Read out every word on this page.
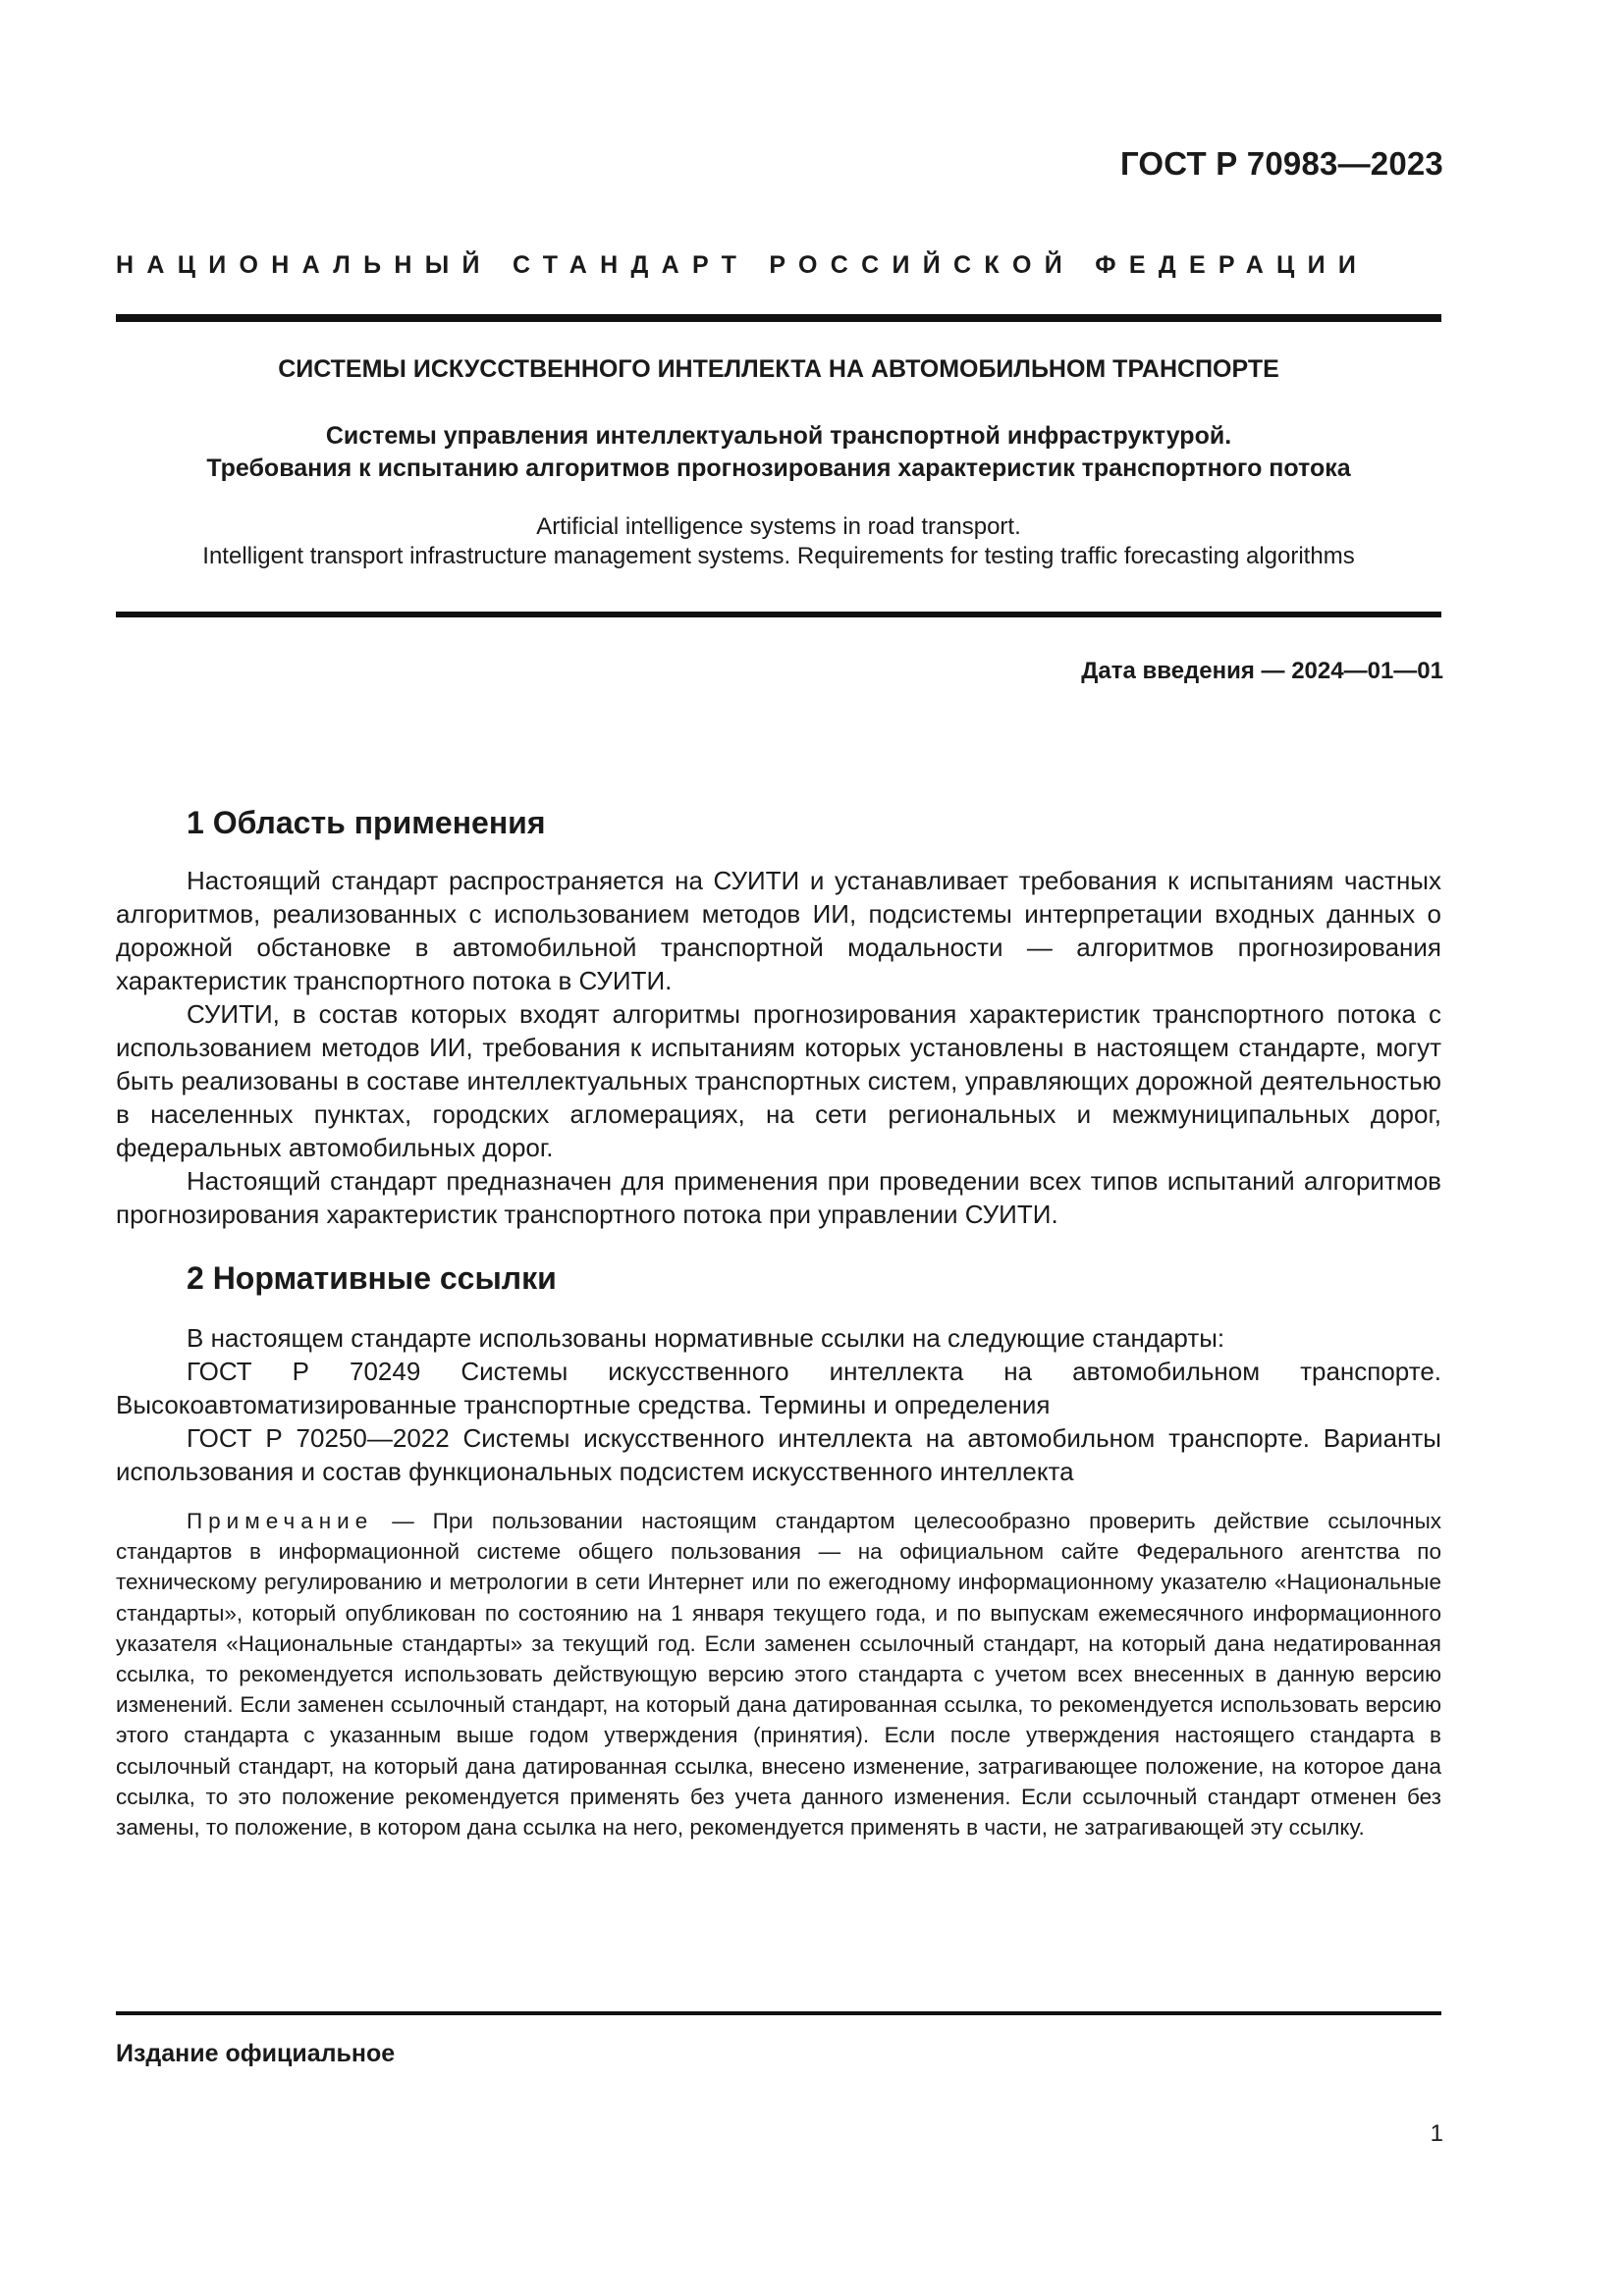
ГОСТ Р 70983—2023
НАЦИОНАЛЬНЫЙ СТАНДАРТ РОССИЙСКОЙ ФЕДЕРАЦИИ
СИСТЕМЫ ИСКУССТВЕННОГО ИНТЕЛЛЕКТА НА АВТОМОБИЛЬНОМ ТРАНСПОРТЕ
Системы управления интеллектуальной транспортной инфраструктурой.
Требования к испытанию алгоритмов прогнозирования характеристик транспортного потока
Artificial intelligence systems in road transport.
Intelligent transport infrastructure management systems. Requirements for testing traffic forecasting algorithms
Дата введения — 2024—01—01
1 Область применения

Настоящий стандарт распространяется на СУИТИ и устанавливает требования к испытаниям частных алгоритмов, реализованных с использованием методов ИИ, подсистемы интерпретации входных данных о дорожной обстановке в автомобильной транспортной модальности — алгоритмов прогнозирования характеристик транспортного потока в СУИТИ.

СУИТИ, в состав которых входят алгоритмы прогнозирования характеристик транспортного потока с использованием методов ИИ, требования к испытаниям которых установлены в настоящем стандарте, могут быть реализованы в составе интеллектуальных транспортных систем, управляющих дорожной деятельностью в населенных пунктах, городских агломерациях, на сети региональных и межмуниципальных дорог, федеральных автомобильных дорог.

Настоящий стандарт предназначен для применения при проведении всех типов испытаний алгоритмов прогнозирования характеристик транспортного потока при управлении СУИТИ.

2 Нормативные ссылки

В настоящем стандарте использованы нормативные ссылки на следующие стандарты:

ГОСТ Р 70249 Системы искусственного интеллекта на автомобильном транспорте. Высокоавтоматизированные транспортные средства. Термины и определения

ГОСТ Р 70250—2022 Системы искусственного интеллекта на автомобильном транспорте. Варианты использования и состав функциональных подсистем искусственного интеллекта

Примечание — При пользовании настоящим стандартом целесообразно проверить действие ссылочных стандартов в информационной системе общего пользования — на официальном сайте Федерального агентства по техническому регулированию и метрологии в сети Интернет или по ежегодному информационному указателю «Национальные стандарты», который опубликован по состоянию на 1 января текущего года, и по выпускам ежемесячного информационного указателя «Национальные стандарты» за текущий год. Если заменен ссылочный стандарт, на который дана недатированная ссылка, то рекомендуется использовать действующую версию этого стандарта с учетом всех внесенных в данную версию изменений. Если заменен ссылочный стандарт, на который дана датированная ссылка, то рекомендуется использовать версию этого стандарта с указанным выше годом утверждения (принятия). Если после утверждения настоящего стандарта в ссылочный стандарт, на который дана датированная ссылка, внесено изменение, затрагивающее положение, на которое дана ссылка, то это положение рекомендуется применять без учета данного изменения. Если ссылочный стандарт отменен без замены, то положение, в котором дана ссылка на него, рекомендуется применять в части, не затрагивающей эту ссылку.
Издание официальное
1
